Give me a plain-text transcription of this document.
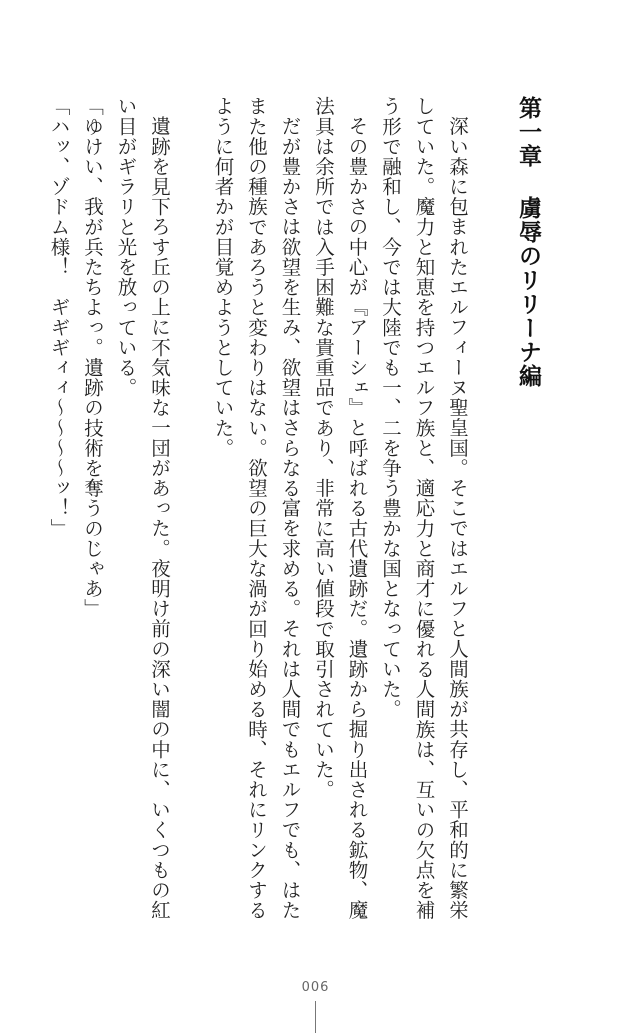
第一章虜辱のリリーナ編

深い森に包まれたエルフィーヌ聖皇国。そこではエルフと人間族が共存し、平和的に繁栄していた。魔力と知恵を持つエルフ族と、適応力と商才に優れる人間族は、互いの欠点を補う形で融和し、今では大陸でも一、二を争う豊かな国となっていた。

その豊かさの中心が『アーシェ』と呼ばれる古代遺跡だ。遺跡から掘り出される鉱物、魔法具は余所では入手困難な貴重品であり、非常に高い値段で取引されていた。

だが豊かさは欲望を生み、欲望はさらなる富を求める。それは人間でもエルフでも、はたまた他の種族であろうと変わりはない。欲望の巨大な渦が回り始める時、それにリンクするように何者かが目覚めようとしていた。

遺跡を見下ろす丘の上に不気味な一団があった。夜明け前の深い闇の中に、いくつもの紅い目がギラリと光を放っている。

「ゆけい、我が兵たちよっ。遺跡の技術を奪うのじゃあ」

「ハッ、ゾドム様！　ギギギィィ～～～～ッ！」

006
